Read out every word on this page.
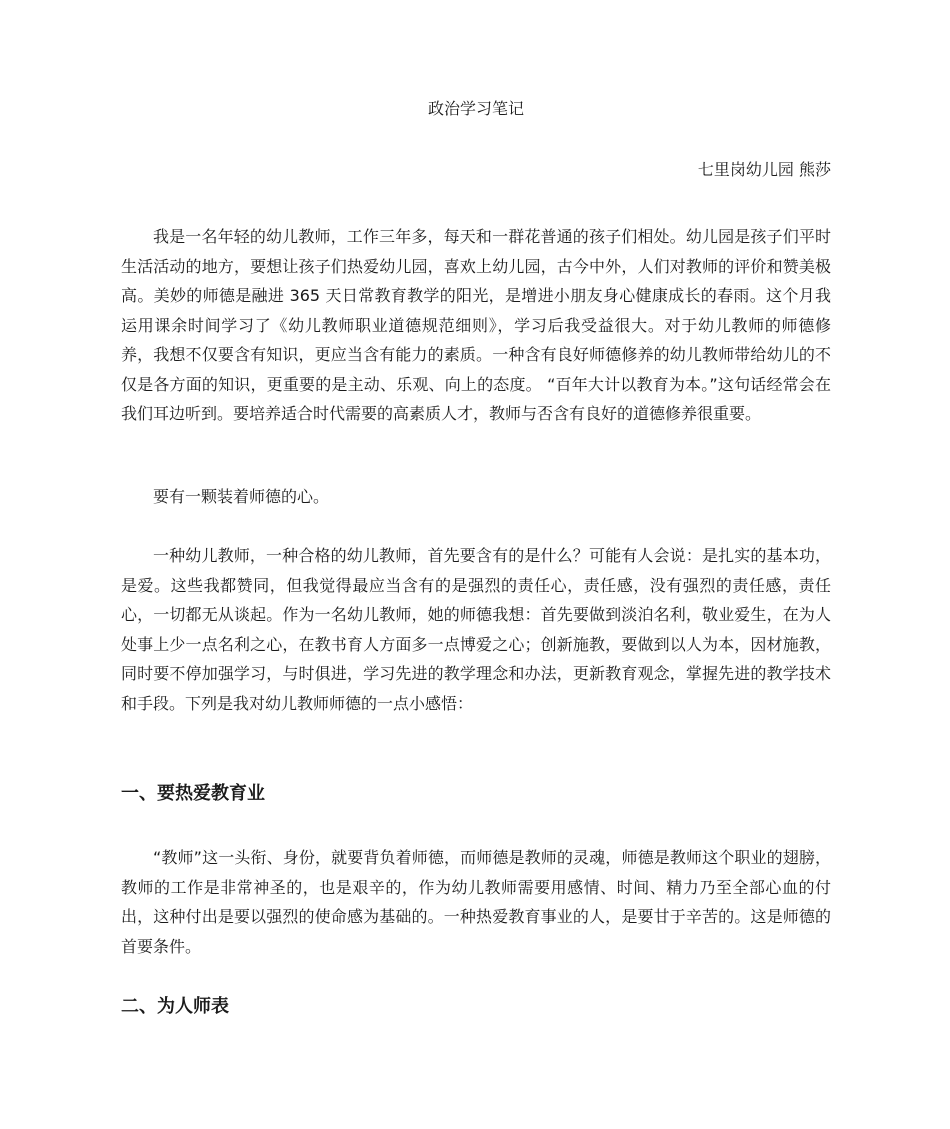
政治学习笔记
七里岗幼儿园 熊莎

我是一名年轻的幼儿教师，工作三年多，每天和一群花普通的孩子们相处。幼儿园是孩子们平时生活活动的地方，要想让孩子们热爱幼儿园，喜欢上幼儿园，古今中外，人们对教师的评价和赞美极高。美妙的师德是融进 365 天日常教育教学的阳光，是增进小朋友身心健康成长的春雨。这个月我运用课余时间学习了《幼儿教师职业道德规范细则》，学习后我受益很大。对于幼儿教师的师德修养，我想不仅要含有知识，更应当含有能力的素质。一种含有良好师德修养的幼儿教师带给幼儿的不仅是各方面的知识，更重要的是主动、乐观、向上的态度。 “百年大计以教育为本。”这句话经常会在我们耳边听到。要培养适合时代需要的高素质人才，教师与否含有良好的道德修养很重要。

要有一颗装着师德的心。

一种幼儿教师，一种合格的幼儿教师，首先要含有的是什么？可能有人会说：是扎实的基本功，是爱。这些我都赞同，但我觉得最应当含有的是强烈的责任心，责任感，没有强烈的责任感，责任心，一切都无从谈起。作为一名幼儿教师，她的师德我想：首先要做到淡泊名利，敬业爱生，在为人处事上少一点名利之心，在教书育人方面多一点博爱之心；创新施教，要做到以人为本，因材施教，同时要不停加强学习，与时俱进，学习先进的教学理念和办法，更新教育观念，掌握先进的教学技术和手段。下列是我对幼儿教师师德的一点小感悟：

一、要热爱教育业

“教师”这一头衔、身份，就要背负着师德，而师德是教师的灵魂，师德是教师这个职业的翅膀，教师的工作是非常神圣的，也是艰辛的，作为幼儿教师需要用感情、时间、精力乃至全部心血的付出，这种付出是要以强烈的使命感为基础的。一种热爱教育事业的人，是要甘于辛苦的。这是师德的首要条件。

二、为人师表
